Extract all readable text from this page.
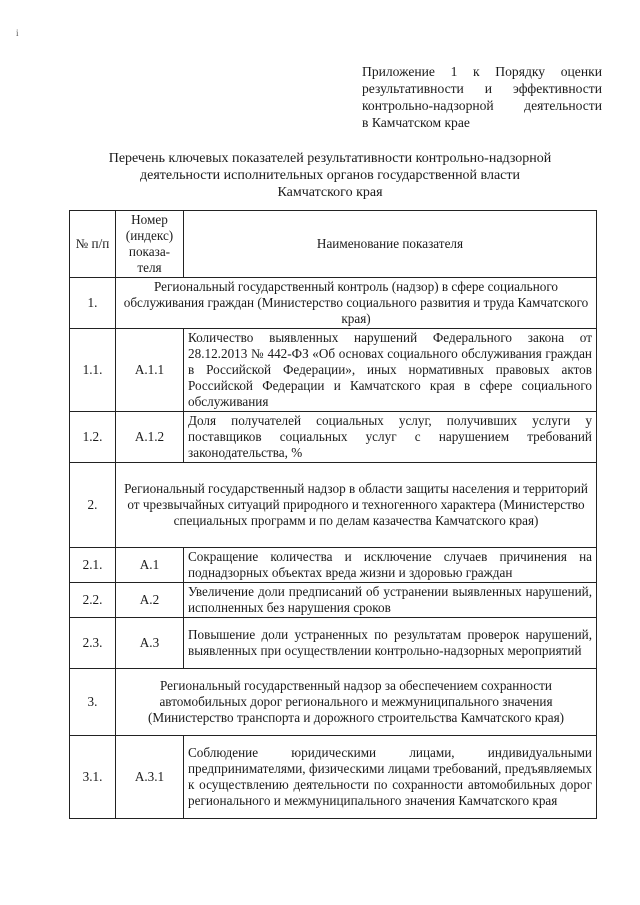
i
Приложение 1 к Порядку оценки
результативности и эффективности
контрольно-надзорной деятельности
в Камчатском крае
Перечень ключевых показателей результативности контрольно-надзорной
деятельности исполнительных органов государственной власти
Камчатского края
№ п/п	Номер (индекс) показа-теля	Наименование показателя
1.	Региональный государственный контроль (надзор) в сфере социального обслуживания граждан (Министерство социального развития и труда Камчатского края)	
1.1.	А.1.1	Количество выявленных нарушений Федерального закона от 28.12.2013 № 442-ФЗ «Об основах социального обслуживания граждан в Российской Федерации», иных нормативных правовых актов Российской Федерации и Камчатского края в сфере социального обслуживания
1.2.	А.1.2	Доля получателей социальных услуг, получивших услуги у поставщиков социальных услуг с нарушением требований законодательства, %
2.	Региональный государственный надзор в области защиты населения и территорий от чрезвычайных ситуаций природного и техногенного характера (Министерство специальных программ и по делам казачества Камчатского края)	
2.1.	А.1	Сокращение количества и исключение случаев причинения на поднадзорных объектах вреда жизни и здоровью граждан
2.2.	А.2	Увеличение доли предписаний об устранении выявленных нарушений, исполненных без нарушения сроков
2.3.	А.3	Повышение доли устраненных по результатам проверок нарушений, выявленных при осуществлении контрольно-надзорных мероприятий
3.	Региональный государственный надзор за обеспечением сохранности автомобильных дорог регионального и межмуниципального значения (Министерство транспорта и дорожного строительства Камчатского края)	
3.1.	А.3.1	Соблюдение юридическими лицами, индивидуальными предпринимателями, физическими лицами требований, предъявляемых к осуществлению деятельности по сохранности автомобильных дорог регионального и межмуниципального значения Камчатского края
